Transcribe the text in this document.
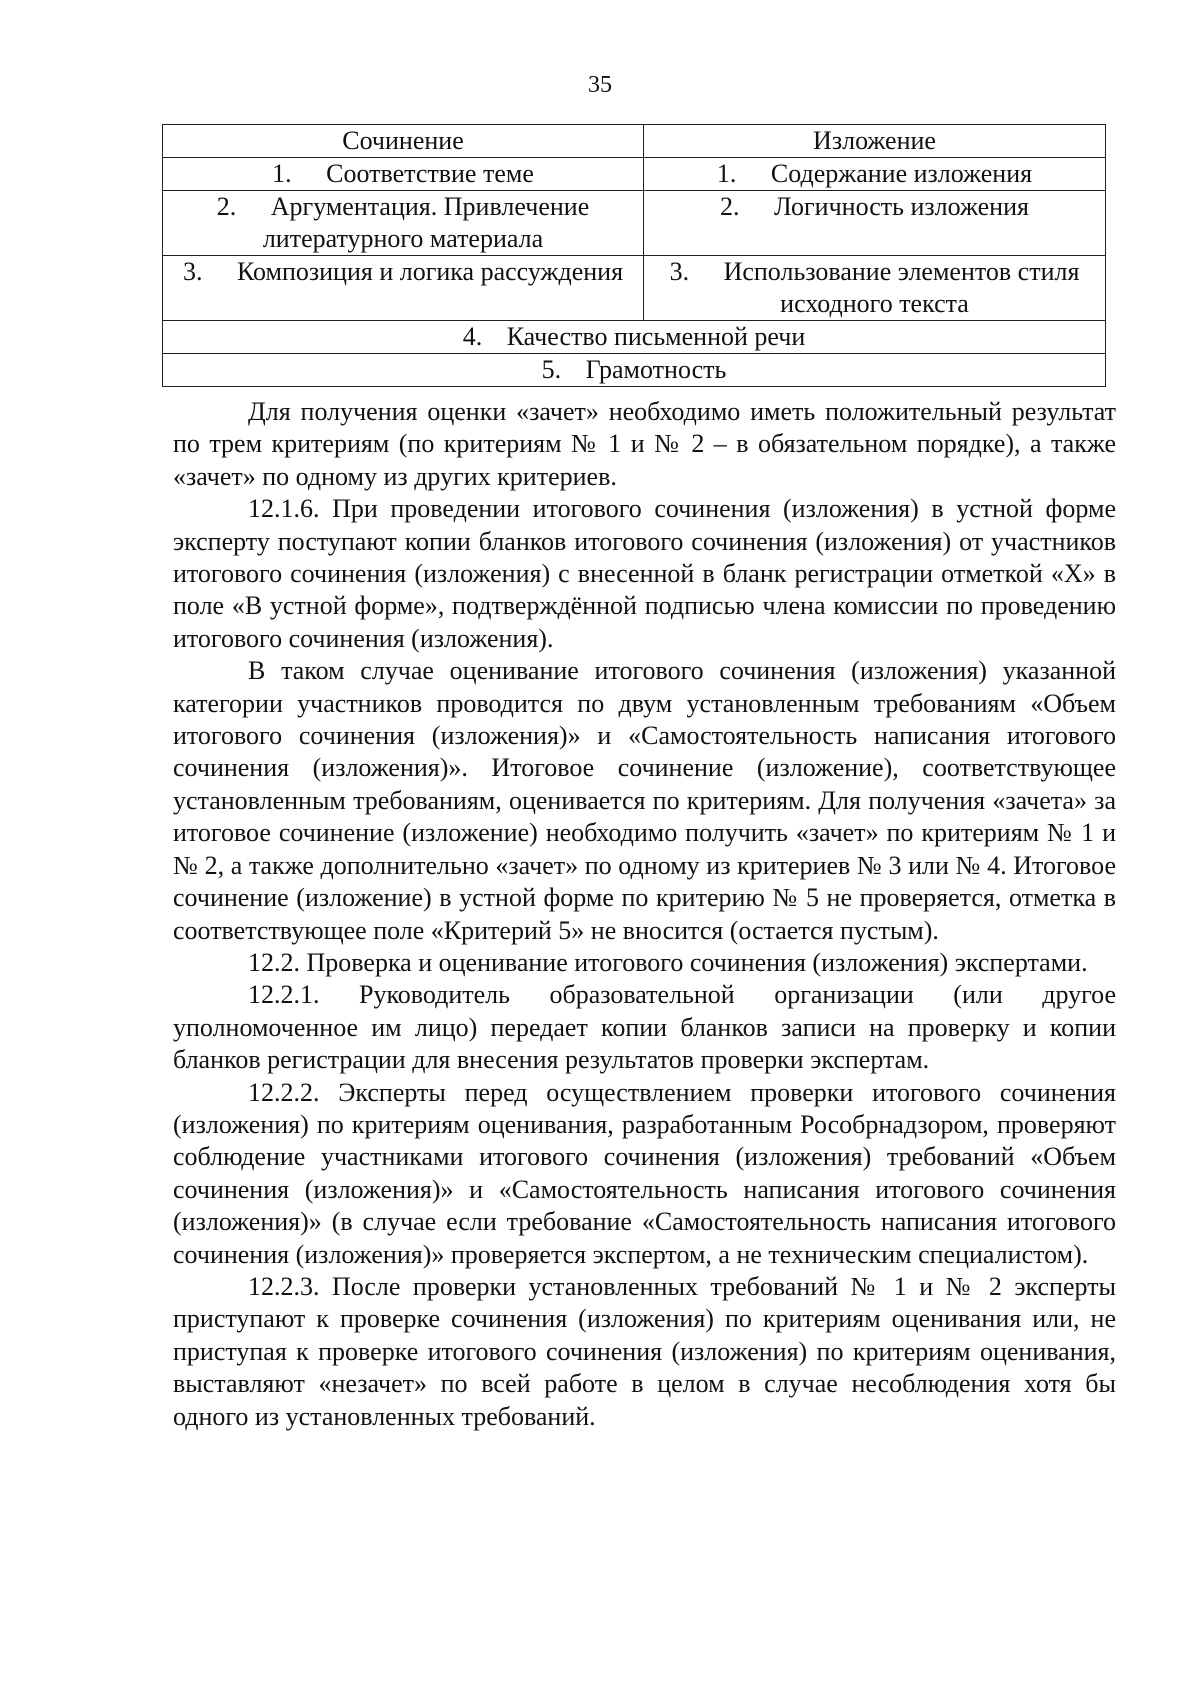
35
Сочинение	Изложение
1. Соответствие теме	1. Содержание изложения
2. Аргументация. Привлечение литературного материала	2. Логичность изложения
3. Композиция и логика рассуждения	3. Использование элементов стиля исходного текста
4. Качество письменной речи	
5. Грамотность	

Для получения оценки «зачет» необходимо иметь положительный результат по трем критериям (по критериям № 1 и № 2 – в обязательном порядке), а также «зачет» по одному из других критериев.

12.1.6. При проведении итогового сочинения (изложения) в устной форме эксперту поступают копии бланков итогового сочинения (изложения) от участников итогового сочинения (изложения) с внесенной в бланк регистрации отметкой «X» в поле «В устной форме», подтверждённой подписью члена комиссии по проведению итогового сочинения (изложения).

В таком случае оценивание итогового сочинения (изложения) указанной категории участников проводится по двум установленным требованиям «Объем итогового сочинения (изложения)» и «Самостоятельность написания итогового сочинения (изложения)». Итоговое сочинение (изложение), соответствующее установленным требованиям, оценивается по критериям. Для получения «зачета» за итоговое сочинение (изложение) необходимо получить «зачет» по критериям № 1 и № 2, а также дополнительно «зачет» по одному из критериев № 3 или № 4. Итоговое сочинение (изложение) в устной форме по критерию № 5 не проверяется, отметка в соответствующее поле «Критерий 5» не вносится (остается пустым).

12.2. Проверка и оценивание итогового сочинения (изложения) экспертами.

12.2.1. Руководитель образовательной организации (или другое уполномоченное им лицо) передает копии бланков записи на проверку и копии бланков регистрации для внесения результатов проверки экспертам.

12.2.2. Эксперты перед осуществлением проверки итогового сочинения (изложения) по критериям оценивания, разработанным Рособрнадзором, проверяют соблюдение участниками итогового сочинения (изложения) требований «Объем сочинения (изложения)» и «Самостоятельность написания итогового сочинения (изложения)» (в случае если требование «Самостоятельность написания итогового сочинения (изложения)» проверяется экспертом, а не техническим специалистом).

12.2.3. После проверки установленных требований № 1 и № 2 эксперты приступают к проверке сочинения (изложения) по критериям оценивания или, не приступая к проверке итогового сочинения (изложения) по критериям оценивания, выставляют «незачет» по всей работе в целом в случае несоблюдения хотя бы одного из установленных требований.
